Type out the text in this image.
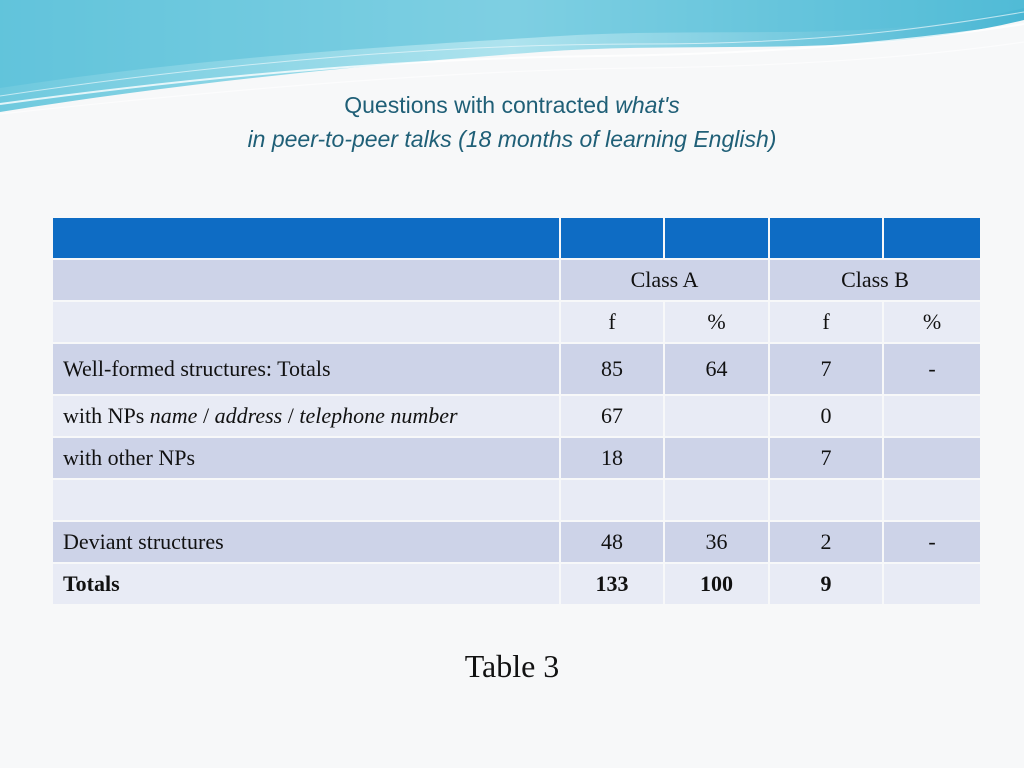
Questions with contracted what's
in peer-to-peer talks (18 months of learning English)

	Class A		Class B	
	f	%	f	%
Well-formed structures: Totals	85	64	7	-
with NPs name / address / telephone number	67		0	
with other NPs	18		7	

Deviant structures	48	36	2	-
Totals	133	100	9	
Table 3
